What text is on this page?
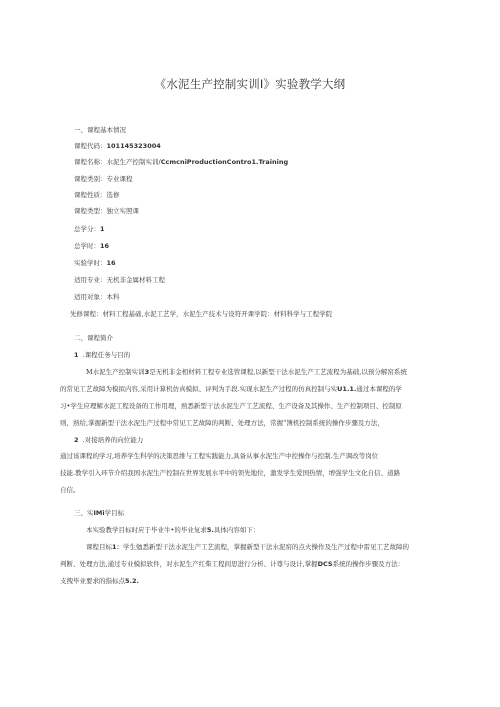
《水泥生产控制实训Ⅰ》实验教学大纲
一、课程基本情况
课程代码：101145323004
课程名称：水泥生产控制实训/CcmcniProductionContro1.Training
课程类别：专业课程
课程性质：选修
课程类型：独立实照课
总学分：1
总学时：16
实验学时：16
适用专业：无机非金属材料工程
适用对象：本科
先修课程：材料工程基础,水泥工艺学，水泥生产技术与设符开课学院：材料科学与工程学院
二、课程简介
1 .课程任务与目的
M水泥生产控制实训3是无机非金相材料工程专业选管课程,以新型干法水泥生产工艺流程为基础,以预分解窑系统
的常见工艺故障为模拟内容,采用计算机仿真模拟、评判为手段.实现水泥生产过程的仿真控制与实U1.1.通过本课程的学
习•学生应理解水泥工程设备的工作用理，熟悉新型干法水泥生产工艺流程、生产设备及其操作、生产控制项目、控制原
则，熟给,掌握新型干法水泥生产过程中常见工艺故障的判断、处理方法，常握“簿机控制系统的操作步骤及方法，
2 .对接培养的向位能力
通过该课程的学习,培养学生科学的决策思维与工程实践能力,具备从事水泥生产中控操作与控制.生产调改等岗位
技能.教学引入环节介绍我国水泥生产控制在世界发展水平中的领先地位，激发学生爱国热情，增强学生文化自信、道路
自信。
三、实IMi学目标
本实验教学目标时应于毕业牛•的毕业复求5.具体内容如下：
课程目标1：学生勉悉新型干法水泥生产工艺流程，掌握新型干法水泥窑的点火操作及生产过程中雷见工艺故障的
判断、处理方法,通过专业模拟软件，对水泥生产红柴工程间思进行分析、计尊与设计,掌握DCS系统的操作步骤及方法：
支拽毕业要求的指标点5.2.
